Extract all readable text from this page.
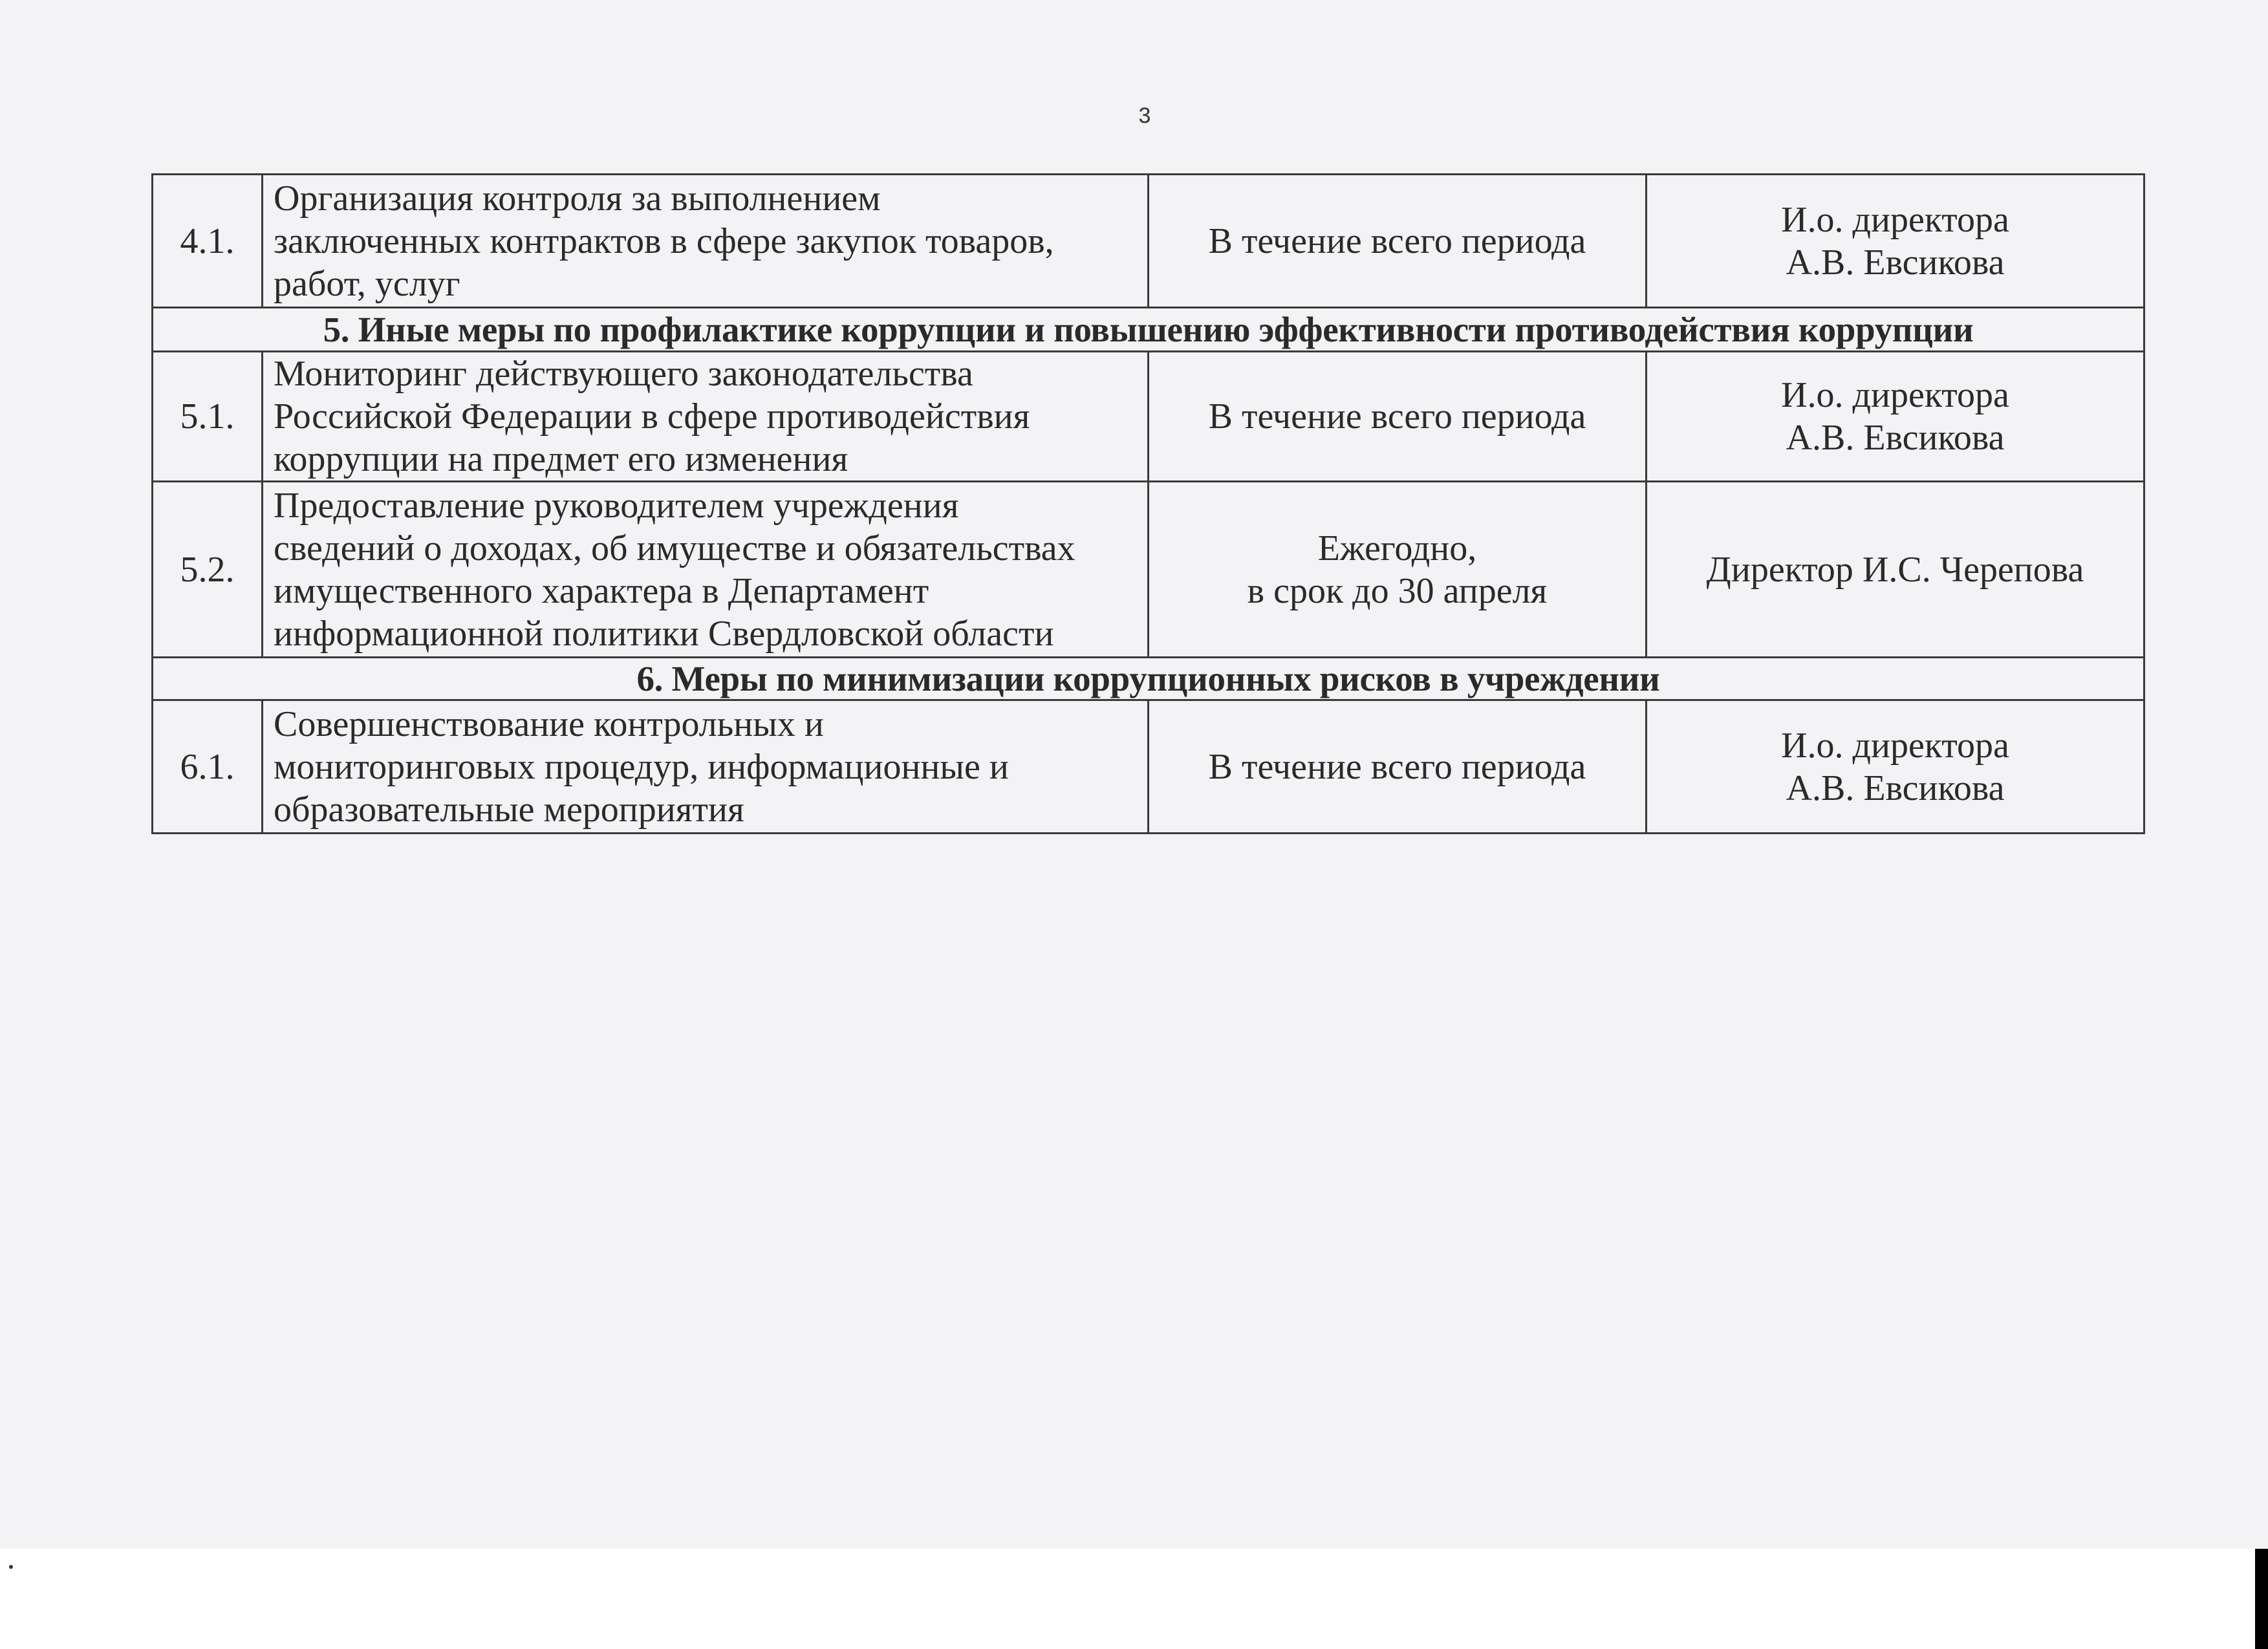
3
4.1.	Организация контроля за выполнением
заключенных контрактов в сфере закупок товаров,
работ, услуг	В течение всего периода	И.о. директора
А.В. Евсикова

5. Иные меры по профилактике коррупции и повышению эффективности противодействия коррупции			
5.1.	Мониторинг действующего законодательства
Российской Федерации в сфере противодействия
коррупции на предмет его изменения	В течение всего периода	И.о. директора
А.В. Евсикова

5.2.	Предоставление руководителем учреждения
сведений о доходах, об имуществе и обязательствах
имущественного характера в Департамент
информационной политики Свердловской области	Ежегодно,
в срок до 30 апреля	Директор И.С. Черепова

6. Меры по минимизации коррупционных рисков в учреждении			
6.1.	Совершенствование контрольных и
мониторинговых процедур, информационные и
образовательные мероприятия	В течение всего периода	И.о. директора
А.В. Евсикова
